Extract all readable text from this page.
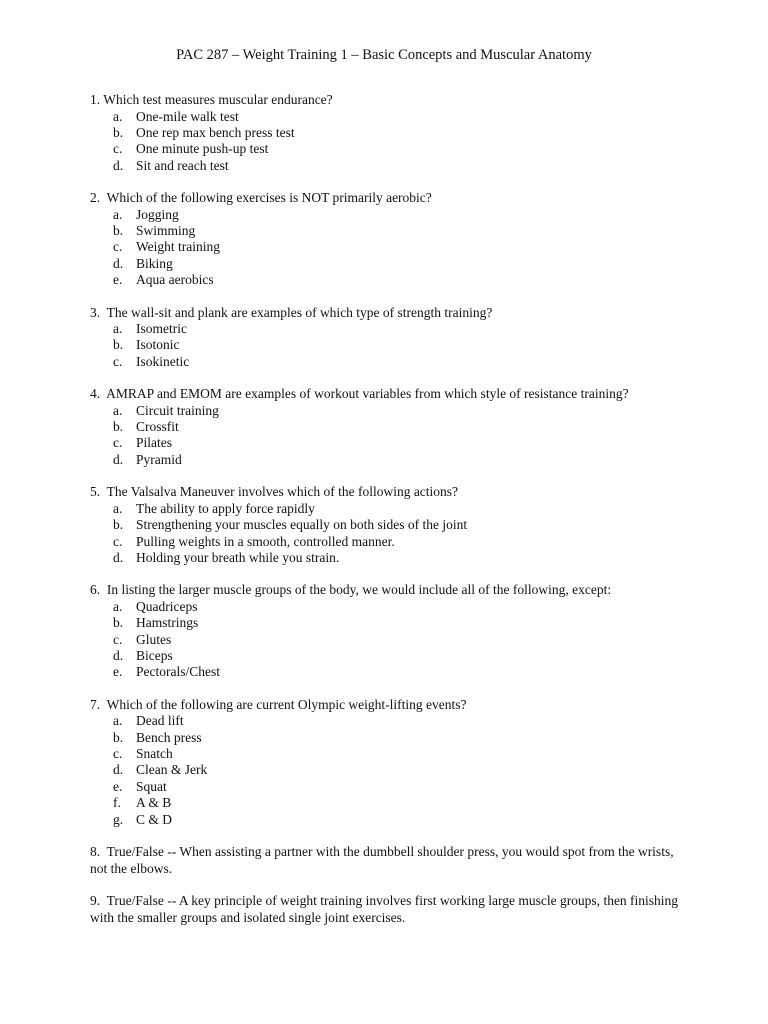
PAC 287 – Weight Training 1 – Basic Concepts and Muscular Anatomy
1. Which test measures muscular endurance?
a. One-mile walk test
b. One rep max bench press test
c. One minute push-up test
d. Sit and reach test
2. Which of the following exercises is NOT primarily aerobic?
a. Jogging
b. Swimming
c. Weight training
d. Biking
e. Aqua aerobics
3. The wall-sit and plank are examples of which type of strength training?
a. Isometric
b. Isotonic
c. Isokinetic
4. AMRAP and EMOM are examples of workout variables from which style of resistance training?
a. Circuit training
b. Crossfit
c. Pilates
d. Pyramid
5. The Valsalva Maneuver involves which of the following actions?
a. The ability to apply force rapidly
b. Strengthening your muscles equally on both sides of the joint
c. Pulling weights in a smooth, controlled manner.
d. Holding your breath while you strain.
6. In listing the larger muscle groups of the body, we would include all of the following, except:
a. Quadriceps
b. Hamstrings
c. Glutes
d. Biceps
e. Pectorals/Chest
7. Which of the following are current Olympic weight-lifting events?
a. Dead lift
b. Bench press
c. Snatch
d. Clean & Jerk
e. Squat
f. A & B
g. C & D
8. True/False -- When assisting a partner with the dumbbell shoulder press, you would spot from the wrists, not the elbows.
9. True/False -- A key principle of weight training involves first working large muscle groups, then finishing with the smaller groups and isolated single joint exercises.
